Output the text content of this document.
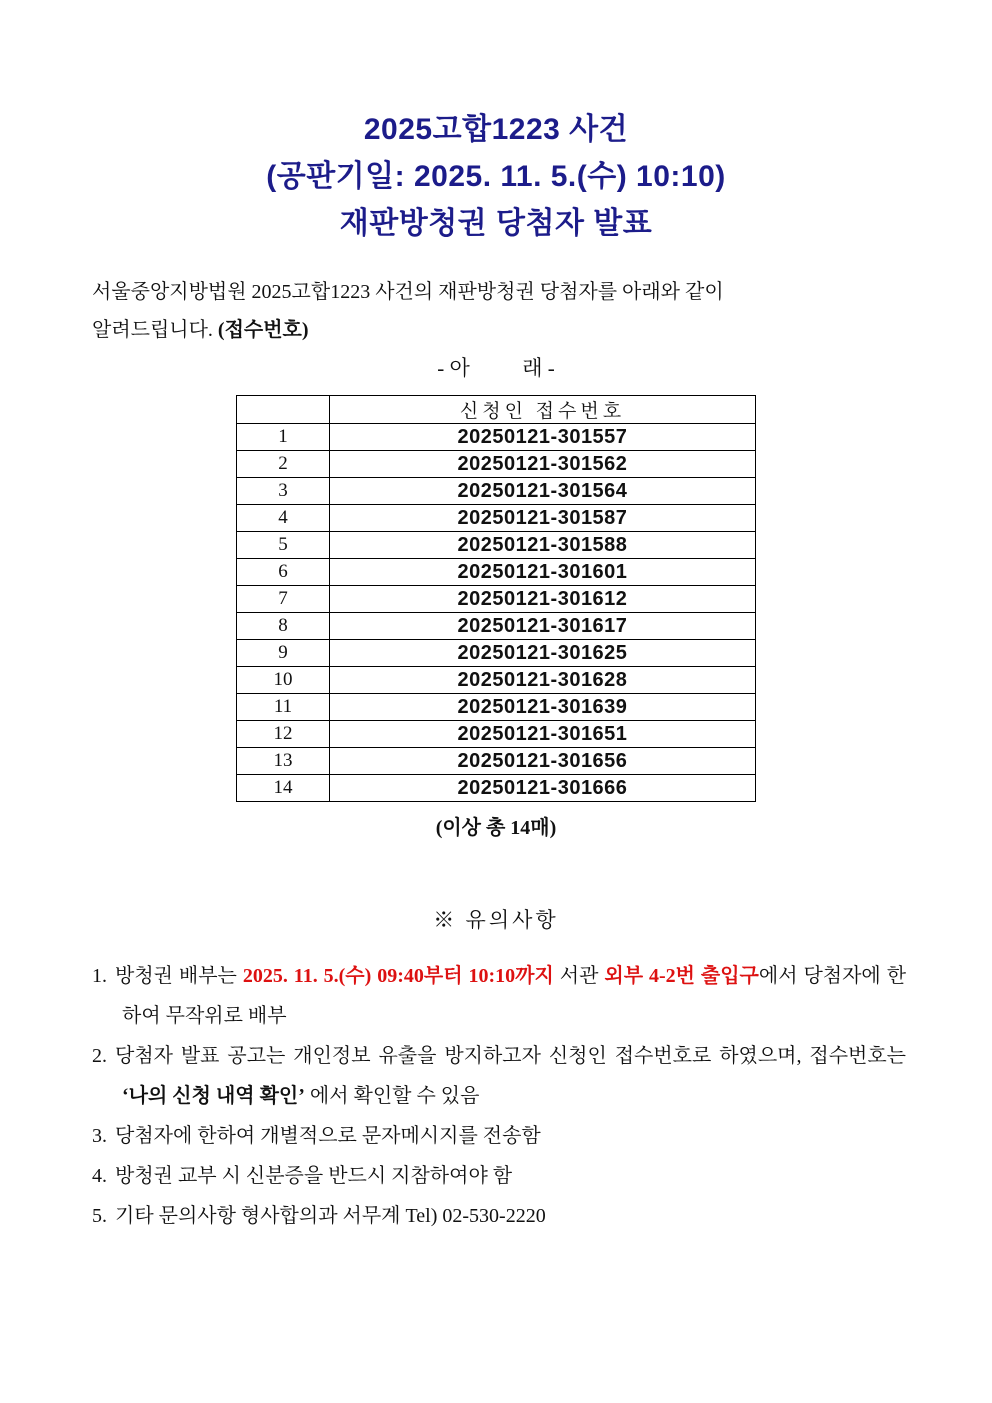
2025고합1223 사건
(공판기일: 2025. 11. 5.(수) 10:10)
재판방청권 당첨자 발표
서울중앙지방법원 2025고합1223 사건의 재판방청권 당첨자를 아래와 같이
알려드립니다. (접수번호)
- 아          래 -
	신청인 접수번호
1	20250121-301557
2	20250121-301562
3	20250121-301564
4	20250121-301587
5	20250121-301588
6	20250121-301601
7	20250121-301612
8	20250121-301617
9	20250121-301625
10	20250121-301628
11	20250121-301639
12	20250121-301651
13	20250121-301656
14	20250121-301666
(이상 총 14매)
※ 유의사항
1. 방청권 배부는 2025. 11. 5.(수) 09:40부터 10:10까지 서관 외부 4-2번 출입구에서 당첨자에 한하여 무작위로 배부
2. 당첨자 발표 공고는 개인정보 유출을 방지하고자 신청인 접수번호로 하였으며, 접수번호는 ‘나의 신청 내역 확인’ 에서 확인할 수 있음
3. 당첨자에 한하여 개별적으로 문자메시지를 전송함
4. 방청권 교부 시 신분증을 반드시 지참하여야 함
5. 기타 문의사항 형사합의과 서무계 Tel) 02-530-2220
